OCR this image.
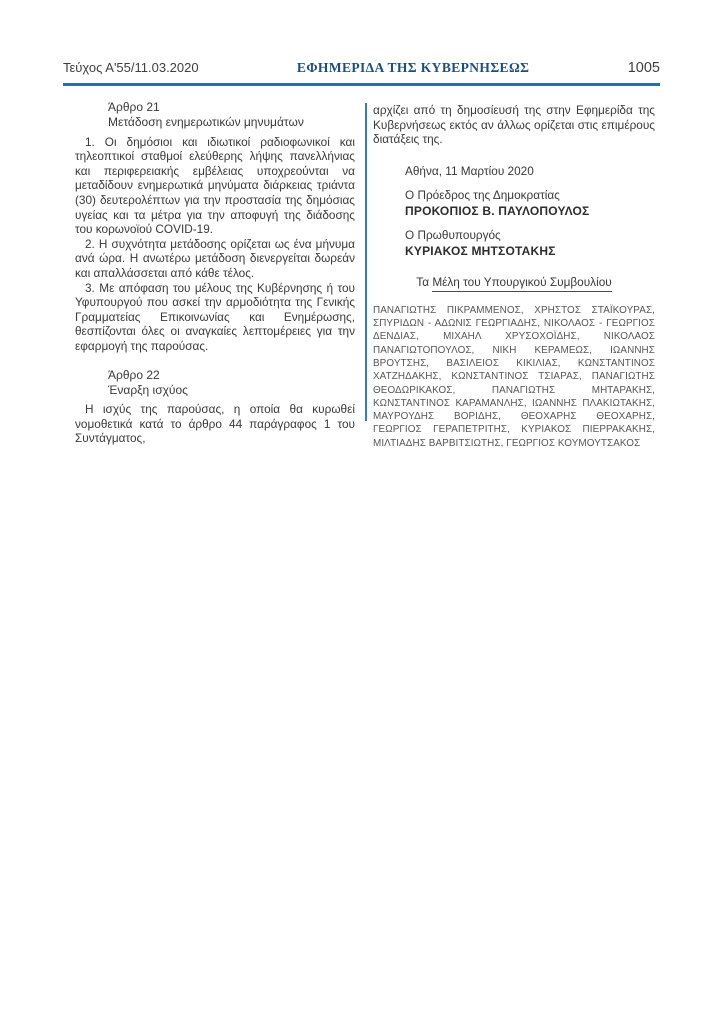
Τεύχος Α'55/11.03.2020	ΕΦΗΜΕΡΙΔΑ ΤΗΣ ΚΥΒΕΡΝΗΣΕΩΣ	1005
Άρθρο 21
Μετάδοση ενημερωτικών μηνυμάτων

1. Οι δημόσιοι και ιδιωτικοί ραδιοφωνικοί και τηλεοπτικοί σταθμοί ελεύθερης λήψης πανελλήνιας και περιφερειακής εμβέλειας υποχρεούνται να μεταδίδουν ενημερωτικά μηνύματα διάρκειας τριάντα (30) δευτερολέπτων για την προστασία της δημόσιας υγείας και τα μέτρα για την αποφυγή της διάδοσης του κορωνοϊού COVID-19.

2. Η συχνότητα μετάδοσης ορίζεται ως ένα μήνυμα ανά ώρα. Η ανωτέρω μετάδοση διενεργείται δωρεάν και απαλλάσσεται από κάθε τέλος.

3. Με απόφαση του μέλους της Κυβέρνησης ή του Υφυπουργού που ασκεί την αρμοδιότητα της Γενικής Γραμματείας Επικοινωνίας και Ενημέρωσης, θεσπίζονται όλες οι αναγκαίες λεπτομέρειες για την εφαρμογή της παρούσας.

Άρθρο 22
Έναρξη ισχύος

Η ισχύς της παρούσας, η οποία θα κυρωθεί νομοθετικά κατά το άρθρο 44 παράγραφος 1 του Συντάγματος,

αρχίζει από τη δημοσίευσή της στην Εφημερίδα της Κυβερνήσεως εκτός αν άλλως ορίζεται στις επιμέρους διατάξεις της.

Αθήνα, 11 Μαρτίου 2020
Ο Πρόεδρος της Δημοκρατίας
ΠΡΟΚΟΠΙΟΣ Β. ΠΑΥΛΟΠΟΥΛΟΣ
Ο Πρωθυπουργός
ΚΥΡΙΑΚΟΣ ΜΗΤΣΟΤΑΚΗΣ
Τα Μέλη του Υπουργικού Συμβουλίου

ΠΑΝΑΓΙΩΤΗΣ ΠΙΚΡΑΜΜΕΝΟΣ, ΧΡΗΣΤΟΣ ΣΤΑΪΚΟΥΡΑΣ, ΣΠΥΡΙΔΩΝ - ΑΔΩΝΙΣ ΓΕΩΡΓΙΑΔΗΣ, ΝΙΚΟΛΑΟΣ - ΓΕΩΡΓΙΟΣ ΔΕΝΔΙΑΣ, ΜΙΧΑΗΛ ΧΡΥΣΟΧΟΪΔΗΣ, ΝΙΚΟΛΑΟΣ ΠΑΝΑΓΙΩΤΟΠΟΥΛΟΣ, ΝΙΚΗ ΚΕΡΑΜΕΩΣ, ΙΩΑΝΝΗΣ ΒΡΟΥΤΣΗΣ, ΒΑΣΙΛΕΙΟΣ ΚΙΚΙΛΙΑΣ, ΚΩΝΣΤΑΝΤΙΝΟΣ ΧΑΤΖΗΔΑΚΗΣ, ΚΩΝΣΤΑΝΤΙΝΟΣ ΤΣΙΑΡΑΣ, ΠΑΝΑΓΙΩΤΗΣ ΘΕΟΔΩΡΙΚΑΚΟΣ, ΠΑΝΑΓΙΩΤΗΣ ΜΗΤΑΡΑΚΗΣ, ΚΩΝΣΤΑΝΤΙΝΟΣ ΚΑΡΑΜΑΝΛΗΣ, ΙΩΑΝΝΗΣ ΠΛΑΚΙΩΤΑΚΗΣ, ΜΑΥΡΟΥΔΗΣ ΒΟΡΙΔΗΣ, ΘΕΟΧΑΡΗΣ ΘΕΟΧΑΡΗΣ, ΓΕΩΡΓΙΟΣ ΓΕΡΑΠΕΤΡΙΤΗΣ, ΚΥΡΙΑΚΟΣ ΠΙΕΡΡΑΚΑΚΗΣ, ΜΙΛΤΙΑΔΗΣ ΒΑΡΒΙΤΣΙΩΤΗΣ, ΓΕΩΡΓΙΟΣ ΚΟΥΜΟΥΤΣΑΚΟΣ
